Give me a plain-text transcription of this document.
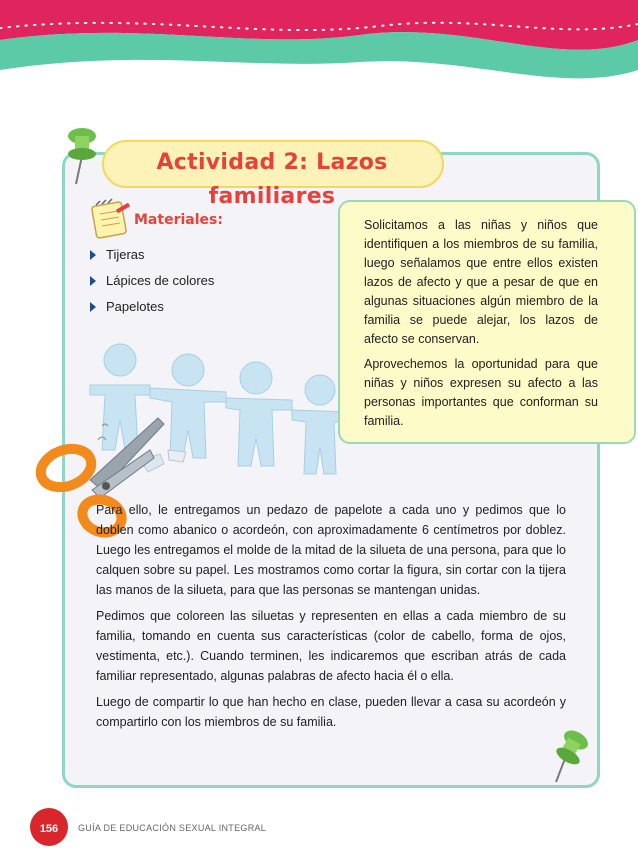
Actividad 2: Lazos familiares
Materiales:
Tijeras
Lápices de colores
Papelotes

Solicitamos a las niñas y niños que identifiquen a los miembros de su familia, luego señalamos que entre ellos existen lazos de afecto y que a pesar de que en algunas situaciones algún miembro de la familia se puede alejar, los lazos de afecto se conservan.

Aprovechemos la oportunidad para que niñas y niños expresen su afecto a las personas importantes que conforman su familia.

Para ello, le entregamos un pedazo de papelote a cada uno y pedimos que lo doblen como abanico o acordeón, con aproximadamente 6 centímetros por doblez. Luego les entregamos el molde de la mitad de la silueta de una persona, para que lo calquen sobre su papel. Les mostramos como cortar la figura, sin cortar con la tijera las manos de la silueta, para que las personas se mantengan unidas.

Pedimos que coloreen las siluetas y representen en ellas a cada miembro de su familia, tomando en cuenta sus características (color de cabello, forma de ojos, vestimenta, etc.). Cuando terminen, les indicaremos que escriban atrás de cada familiar representado, algunas palabras de afecto hacia él o ella.

Luego de compartir lo que han hecho en clase, pueden llevar a casa su acordeón y compartirlo con los miembros de su familia.

156 GUÍA DE EDUCACIÓN SEXUAL INTEGRAL
